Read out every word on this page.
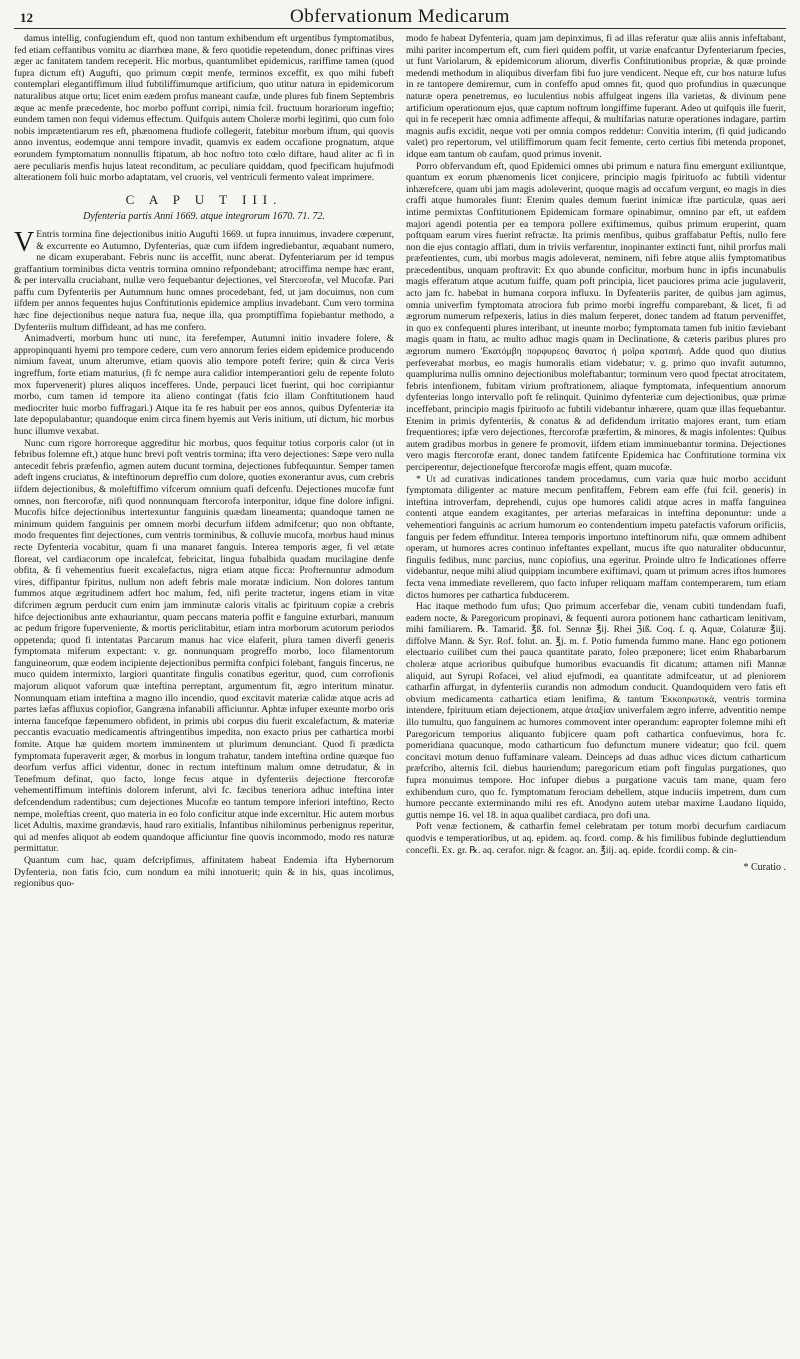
12	Obfervationum Medicarum

damus intellig, confugiendum eft, quod non tantum exhibendum eft urgentibus fymptomatibus, fed etiam ceffantibus vomitu ac diarrhœa mane, & fero quotidie repetendum, donec priftinas vires æger ac fanitatem tandem receperit. Hic morbus, quantumlibet epidemicus, rariffime tamen (quod fupra dictum eft) Augufti, quo primum cœpit menfe, terminos exceffit, ex quo mihi fubeft contemplari elegantiffimum illud fubtiliffimumque artificium, quo utitur natura in epidemicorum naturalibus atque ortu; licet enim eædem profus maneant caufæ, unde plures fub finem Septembris æque ac menfe præcedente, hoc morbo poffunt corripi, nimia fcil. fructuum horariorum ingeftio; eundem tamen non fequi videmus effectum. Quifquis autem Choleræ morbi legitimi, quo cum folo nobis imprætentiarum res eft, phænomena ftudiofe collegerit, fatebitur morbum iftum, qui quovis anno inventus, eodemque anni tempore invadit, quamvis ex eadem occafione prognatum, atque eorundem fymptomatum nonnullis ftipatum, ab hoc noftro toto cœlo diftare, haud aliter ac fi in aere peculiaris menfis hujus lateat reconditum, ac peculiare quiddam, quod fpecificam hujufmodi alterationem foli huic morbo adaptatam, vel cruoris, vel ventriculi fermento valeat imprimere.

C A P U T III.
Dyfenteria partis Anni 1669. atque integrorum 1670. 71. 72.

V Entris tormina fine dejectionibus initio Augufti 1669. ut fupra innuimus, invadere cœperunt, & excurrente eo Autumno, Dyfenterias, quæ cum iifdem ingrediebantur, æquabant numero, ne dicam exuperabant. Febris nunc iis acceffit, nunc aberat. Dyfenteriarum per id tempus graffantium torminibus dicta ventris tormina omnino refpondebant; atrociffima nempe hæc erant, & per intervalla cruciabant, nullæ vero fequebantur dejectiones, vel Stercorofæ, vel Mucofæ. Pari paffu cum Dyfenteriis per Autumnum hunc omnes procedebant, fed, ut jam docuimus, non cum iifdem per annos fequentes hujus Conftitutionis epidemice amplius invadebant. Cum vero tormina hæc fine dejectionibus neque natura fua, neque illa, qua promptiffima fopiebantur methodo, a Dyfenteriis multum diffideant, ad has me confero.

Animadverti, morbum hunc uti nunc, ita ferefemper, Autumni initio invadere folere, & appropinquanti hyemi pro tempore cedere, cum vero annorum feries eidem epidemice producendo nimium faveat, unum alterumve, etiam quovis alio tempore poteft ferire; quin & circa Veris ingreffum, forte etiam maturius, (fi fc nempe aura calidior intemperantiori gelu de repente foluto mox fupervenerit) plures aliquos incefferes. Unde, perpauci licet fuerint, qui hoc corripiantur morbo, cum tamen id tempore ita alieno contingat (fatis fcio illam Conftitutionem haud mediocriter huic morbo fuffragari.) Atque ita fe res habuit per eos annos, quibus Dyfenteriæ ita late depopulabantur; quandoque enim circa finem hyemis aut Veris initium, uti dictum, hic morbus hunc illumve vexabat.

Nunc cum rigore horroreque aggreditur hic morbus, quos fequitur totius corporis calor (ut in febribus folemne eft,) atque hunc brevi poft ventris tormina; ifta vero dejectiones: Sæpe vero nulla antecedit febris præfenfio, agmen autem ducunt tormina, dejectiones fubfequuntur. Semper tamen adeft ingens cruciatus, & inteftinorum depreffio cum dolore, quoties exonerantur avus, cum crebris iifdem dejectionibus, & moleftiffimo vifcerum omnium quafi defcenfu. Dejectiones mucofæ funt omnes, non ftercorofæ, nifi quod nonnunquam ftercorofa interponitur, idque fine dolore infigni. Mucofis hifce dejectionibus intertexuntur fanguinis quædam lineamenta; quandoque tamen ne minimum quidem fanguinis per omnem morbi decurfum iifdem admifcetur; quo non obftante, modo frequentes fint dejectiones, cum ventris torminibus, & colluvie mucofa, morbus haud minus recte Dyfenteria vocabitur, quam fi una manaret fanguis. Interea temporis æger, fi vel ætate floreat, vel cardiacorum ope incalefcat, febricitat, lingua fubalbida quadam mucilagine denfe obfita, & fi vehementius fuerit excalefactus, nigra etiam atque ficca: Profternuntur admodum vires, diffipantur fpiritus, nullum non adeft febris male moratæ indicium. Non dolores tantum fummos atque ægritudinem adfert hoc malum, fed, nifi perite tractetur, ingens etiam in vitæ difcrimen ægrum perducit cum enim jam imminutæ caloris vitalis ac fpirituum copiæ a crebris hifce dejectionibus ante exhauriantur, quam peccans materia poffit e fanguine exturbari, manuum ac pedum frigore fuperveniente, & mortis periclitabitur, etiam intra morborum acutorum periodos oppetenda; quod fi intentatas Parcarum manus hac vice elaferit, plura tamen diverfi generis fymptomata miferum expectant: v. gr. nonnunquam progreffo morbo, loco filamentorum fanguineorum, quæ eodem incipiente dejectionibus permifta confpici folebant, fanguis fincerus, ne muco quidem intermixto, largiori quantitate fingulis conatibus egeritur, quod, cum corrofionis majorum aliquot vaforum quæ inteftina perreptant, argumentum fit, ægro interitum minatur. Nonnunquam etiam inteftina a magno illo incendio, quod excitavit materiæ calidæ atque acris ad partes læfas affluxus copiofior, Gangræna infanabili afficiuntur. Aphtæ infuper exeunte morbo oris interna faucefque fæpenumero obfident, in primis ubi corpus diu fuerit excalefactum, & materiæ peccantis evacuatio medicamentis aftringentibus impedita, non exacto prius per cathartica morbi fomite. Atque hæ quidem mortem imminentem ut plurimum denunciant. Quod fi prædicta fymptomata fuperaverit æger, & morbus in longum trahatur, tandem inteftina ordine quæque fuo deorfum verfus affici videntur, donec in rectum inteftinum malum omne detrudatur, & in Tenefmum definat, quo facto, longe fecus atque in dyfenteriis dejectione ftercorofæ vehementiffimum inteftinis dolorem inferunt, alvi fc. fæcibus teneriora adhuc inteftina inter defcendendum radentibus; cum dejectiones Mucofæ eo tantum tempore inferiori inteftino, Recto nempe, moleftias creent, quo materia in eo folo conficitur atque inde excernitur. Hic autem morbus licet Adultis, maxime grandævis, haud raro exitialis, Infantibus nihilominus perbenignus reperitur, qui ad menfes aliquot ab eodem quandoque afficiuntur fine quovis incommodo, modo res naturæ permittatur.

Quantum cum hac, quam defcripfimus, affinitatem habeat Endemia ifta Hybernorum Dyfenteria, non fatis fcio, cum nondum ea mihi innotuerit; quin & in his, quas incolimus, regionibus quo-

modo fe habeat Dyfenteria, quam jam depinximus, fi ad illas referatur quæ aliis annis infeftabant, mihi pariter incompertum eft, cum fieri quidem poffit, ut variæ enafcantur Dyfenteriarum fpecies, ut funt Variolarum, & epidemicorum aliorum, diverfis Conftitutionibus propriæ, & quæ proinde medendi methodum in aliquibus diverfam fibi fuo jure vendicent. Neque eft, cur hos naturæ lufus in re tantopere demiremur, cum in confeffo apud omnes fit, quod quo profundius in quæcunque naturæ opera penetremus, eo luculentius nobis affulgeat ingens illa varietas, & divinum pene artificium operationum ejus, quæ captum noftrum longiffime fuperant. Adeo ut quifquis ille fuerit, qui in fe receperit hæc omnia adfimente affequi, & multifarias naturæ operationes indagare, partim magnis aufis excidit, neque voti per omnia compos reddetur: Convitia interim, (fi quid judicando valet) pro repertorum, vel utiliffimorum quam fecit femente, certo certius fibi metenda proponet, idque eam tantum ob caufam, quod primus invenit.

Porro obfervandum eft, quod Epidemici omnes ubi primum e natura finu emergunt exiliuntque, quantum ex eorum phænomenis licet conjicere, principio magis fpirituofo ac fubtili videntur inhærefcere, quam ubi jam magis adoleverint, quoque magis ad occafum vergunt, eo magis in dies craffi atque humorales fiunt: Etenim quales demum fuerint inimicæ iftæ particulæ, quas aeri intime permixtas Conftitutionem Epidemicam formare opinabimur, omnino par eft, ut eafdem majori agendi potentia per ea tempora pollere exiftimemus, quibus primum eruperint, quam poftquam earum vires fuerint refractæ. Ita primis menfibus, quibus graffabatur Peftis, nullo fere non die ejus contagio afflati, dum in triviis verfarentur, inopinanter extincti funt, nihil prorfus mali præfentientes, cum, ubi morbus magis adoleverat, neminem, nifi febre atque aliis fymptomatibus præcedentibus, unquam proftravit: Ex quo abunde conficitur, morbum hunc in ipfis incunabulis magis efferatum atque acutum fuiffe, quam poft principia, licet pauciores prima acie jugulaverit, acto jam fc. habebat in humana corpora influxu. In Dyfenteriis pariter, de quibus jam agimus, omnia univerfim fymptomata atrociora fub primo morbi ingreffu comparebant, & licet, fi ad ægrorum numerum refpexeris, latius in dies malum ferperet, donec tandem ad ftatum perveniffet, in quo ex confequenti plures interibant, ut ineunte morbo; fymptomata tamen fub initio fæviebant magis quam in ftatu, ac multo adhuc magis quam in Declinatione, & cæteris paribus plures pro ægrorum numero Ἐκατόμβη πορφυρεος θανατος ἡ μοῖρα κραταιή. Adde quod quo diutius perfeverabat morbus, eo magis humoralis etiam videbatur; v. g. primo quo invafit autumno, quamplurima nullis omnino dejectionibus moleftabantur; torminum vero quod fpectat atrocitatem, febris intenfionem, fubitam virium proftrationem, aliaque fymptomata, infequentium annorum dyfenterias longo intervallo poft fe relinquit. Quinimo dyfenteriæ cum dejectionibus, quæ primæ inceffebant, principio magis fpirituofo ac fubtili videbantur inhærere, quam quæ illas fequebantur. Etenim in primis dyfenteriis, & conatus & ad defidendum irritatio majores erant, tum etiam frequentiores; ipfæ vero dejectiones, ftercorofæ præfertim, & minores, & magis infolentes: Quibus autem gradibus morbus in genere fe promovit, iifdem etiam imminuebantur tormina. Dejectiones vero magis ftercorofæ erant, donec tandem fatifcente Epidemica hac Conftitutione tormina vix perciperentur, dejectionefque ftercorofæ magis effent, quam mucofæ.

* Ut ad curativas indicationes tandem procedamus, cum varia quæ huic morbo accidunt fymptomata diligenter ac mature mecum penfitaffem, Febrem eam effe (fui fcil. generis) in inteftina introverfam, deprehendi, cujus ope humores calidi atque acres in maffa fanguinea contenti atque eandem exagitantes, per arterias mefaraicas in inteftina deponuntur: unde a vehementiori fanguinis ac acrium humorum eo contendentium impetu patefactis vaforum orificiis, fanguis per fedem effunditur. Interea temporis importuno inteftinorum nifu, quæ omnem adhibent operam, ut humores acres continuo infeftantes expellant, mucus ifte quo naturaliter obducuntur, fingulis fedibus, nunc parcius, nunc copiofius, una egeritur. Proinde ultro fe Indicationes offerre videbantur, neque mihi aliud quippiam incumbere exiftimavi, quam ut primum acres iftos humores fecta vena immediate revellerem, quo facto infuper reliquam maffam contemperarem, tum etiam dictos humores per cathartica fubducerem.

Hac itaque methodo fum ufus; Quo primum accerfebar die, venam cubiti tundendam fuafi, eadem nocte, & Paregoricum propinavi, & fequenti aurora potionem hanc catharticam lenitivam, mihi familiarem. ℞. Tamarid. ℥ß. fol. Sennæ ℥ij. Rhei ℨiß. Coq. f. q. Aquæ, Colaturæ ℥iij. diffolve Mann. & Syr. Rof. folut. an. ℥j. m. f. Potio fumenda fummo mane. Hanc ego potionem electuario cuilibet cum thei pauca quantitate parato, foleo præponere; licet enim Rhabarbarum choleræ atque acrioribus quibufque humoribus evacuandis fit dicatum; attamen nifi Mannæ aliquid, aut Syrupi Rofacei, vel aliud ejufmodi, ea quantitate admifceatur, ut ad pleniorem catharfin affurgat, in dyfenteriis curandis non admodum conducit. Quandoquidem vero fatis eft obvium medicamenta cathartica etiam lenifima, & tantum Ἐκκοπρωτικά, ventris tormina intendere, fpirituum etiam dejectionem, atque ἀταξίαν univerfalem ægro inferre, adventitio nempe illo tumultu, quo fanguinem ac humores commovent inter operandum: eapropter folemne mihi eft Paregoricum temporius aliquanto fubjicere quam poft cathartica confuevimus, hora fc. pomeridiana quacunque, modo catharticum fuo defunctum munere videatur; quo fcil. quem concitavi motum denuo fuffaminare valeam. Deinceps ad duas adhuc vices dictum catharticum præfcribo, alternis fcil. diebus hauriendum; paregoricum etiam poft fingulas purgationes, quo fupra monuimus tempore. Hoc infuper diebus a purgatione vacuis tam mane, quam fero exhibendum curo, quo fc. fymptomatum ferociam debellem, atque induciis impetrem, dum cum humore peccante exterminando mihi res eft. Anodyno autem utebar maxime Laudano liquido, guttis nempe 16. vel 18. in aqua qualibet cardiaca, pro dofi una.

Poft venæ fectionem, & catharfin femel celebratam per totum morbi decurfum cardiacum quodvis e temperatioribus, ut aq. epidem. aq. fcord. comp. & his fimilibus fubinde degluttiendum concefli. Ex. gr. ℞. aq. cerafor. nigr. & fcagor. an. ℥iij. aq. epide. fcordii comp. & cin-

* Curatio .
